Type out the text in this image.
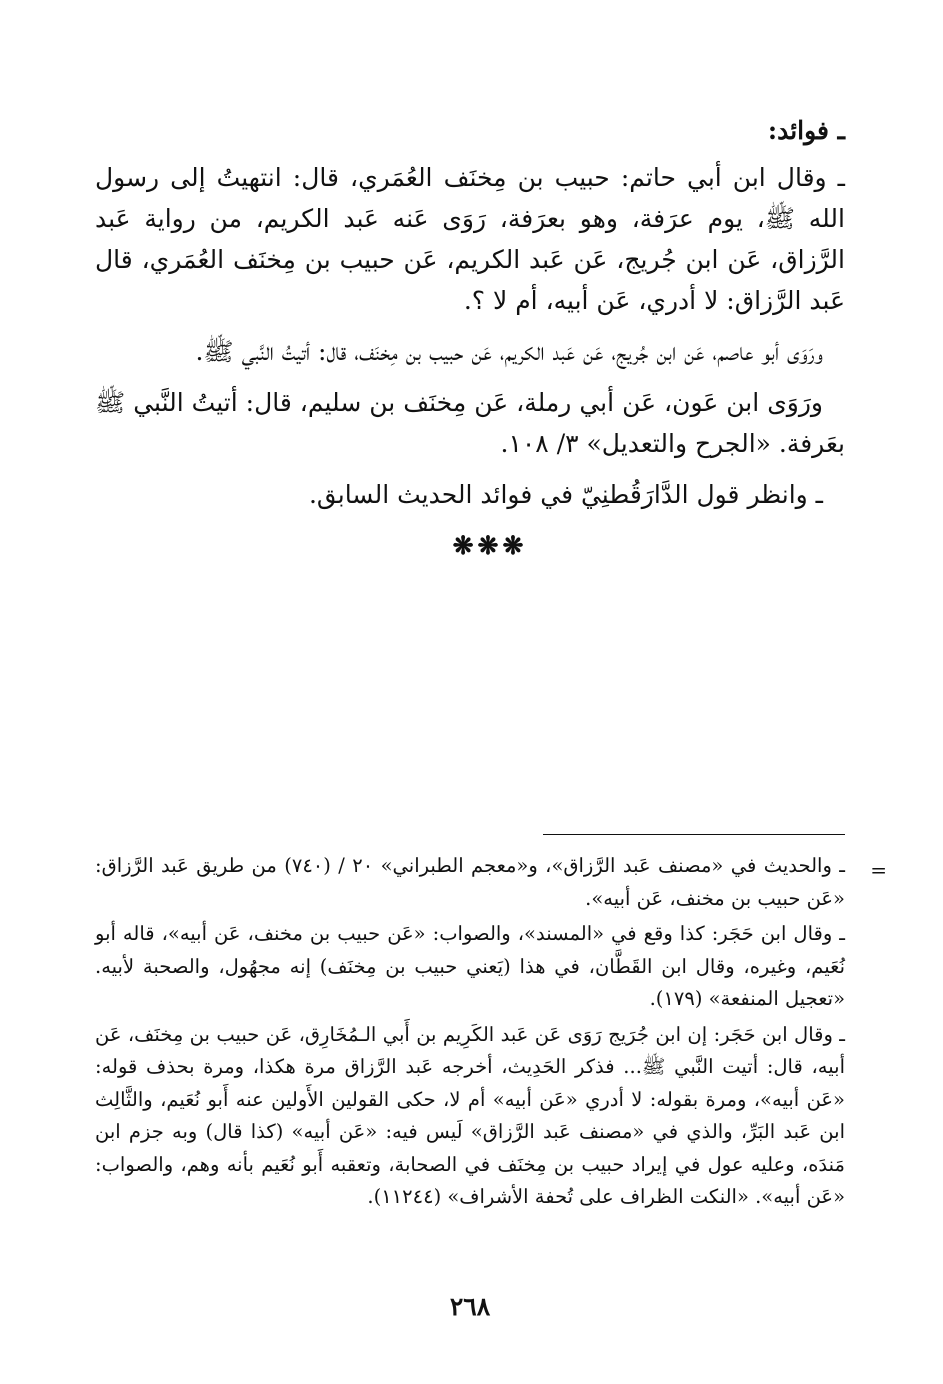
ـ فوائد:

ـ وقال ابن أبي حاتم: حبيب بن مِخنَف العُمَري، قال: انتهيتُ إلى رسول الله ﷺ، يوم عرَفة، وهو بعرَفة، رَوَى عَنه عَبد الكريم، من رواية عَبد الرَّزاق، عَن ابن جُريج، عَن عَبد الكريم، عَن حبيب بن مِخنَف العُمَري، قال عَبد الرَّزاق: لا أدري، عَن أبيه، أم لا ؟.

ورَوَى أبو عاصم، عَن ابن جُريج، عَن عَبد الكريم، عَن حبيب بن مِخنَف، قال: أتيتُ النَّبي ﷺ.

ورَوَى ابن عَون، عَن أبي رملة، عَن مِخنَف بن سليم، قال: أتيتُ النَّبي ﷺ بعَرفة. «الجرح والتعديل» ٣/ ١٠٨.

ـ وانظر قول الدَّارَقُطنِيّ في فوائد الحديث السابق.

❋❋❋
=

ـ والحديث في «مصنف عَبد الرَّزاق»، و«معجم الطبراني» ٢٠ / (٧٤٠) من طريق عَبد الرَّزاق: «عَن حبيب بن مخنف، عَن أبيه».

ـ وقال ابن حَجَر: كذا وقع في «المسند»، والصواب: «عَن حبيب بن مخنف، عَن أبيه»، قاله أبو نُعَيم، وغيره، وقال ابن القَطَّان، في هذا (يَعني حبيب بن مِخنَف) إنه مجهُول، والصحبة لأبيه. «تعجيل المنفعة» (١٧٩).

ـ وقال ابن حَجَر: إن ابن جُرَيج رَوَى عَن عَبد الكَرِيم بن أَبي الـمُخَارِق، عَن حبيب بن مِخنَف، عَن أبيه، قال: أتيت النَّبي ﷺ... فذكر الحَدِيث، أخرجه عَبد الرَّزاق مرة هكذا، ومرة بحذف قوله: «عَن أبيه»، ومرة بقوله: لا أدري «عَن أبيه» أم لا، حكى القولين الأَولين عنه أَبو نُعَيم، والثَّالِث ابن عَبد البَرِّ، والذي في «مصنف عَبد الرَّزاق» لَيس فيه: «عَن أبيه» (كذا قال) وبه جزم ابن مَندَه، وعليه عول في إيراد حبيب بن مِخنَف في الصحابة، وتعقبه أَبو نُعَيم بأنه وهم، والصواب: «عَن أبيه». «النكت الظراف على تُحفة الأشراف» (١١٢٤٤).

٢٦٨
